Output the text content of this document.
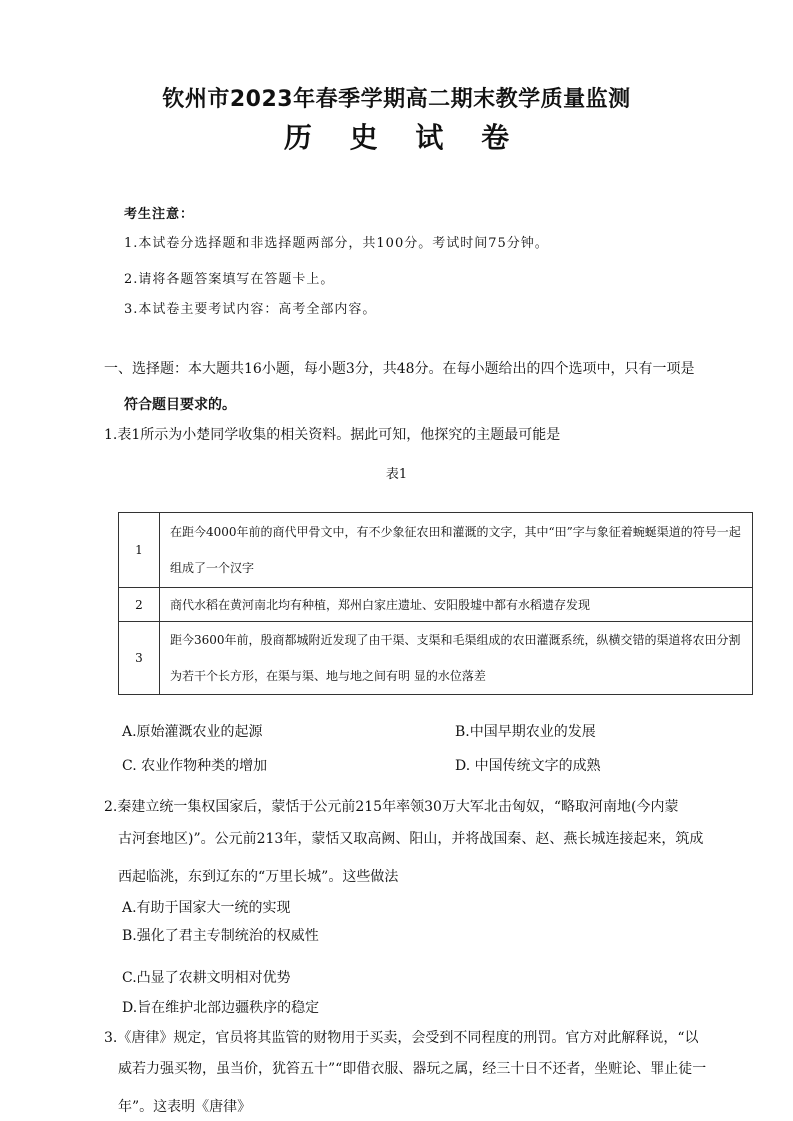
钦州市2023年春季学期高二期末教学质量监测
历 史 试 卷
考生注意：
1.本试卷分选择题和非选择题两部分，共100分。考试时间75分钟。
2.请将各题答案填写在答题卡上。
3.本试卷主要考试内容：高考全部内容。
一、选择题：本大题共16小题，每小题3分，共48分。在每小题给出的四个选项中，只有一项是
符合题目要求的。
1.表1所示为小楚同学收集的相关资料。据此可知，他探究的主题最可能是
表1
1	在距今4000年前的商代甲骨文中，有不少象征农田和灌溉的文字，其中“田”字与象征着蜿蜒渠道的符号一起组成了一个汉字

2	商代水稻在黄河南北均有种植，郑州白家庄遗址、安阳殷墟中都有水稻遗存发现
3	距今3600年前，殷商都城附近发现了由干渠、支渠和毛渠组成的农田灌溉系统，纵横交错的渠道将农田分割为若干个长方形，在渠与渠、地与地之间有明 显的水位落差
A.原始灌溉农业的起源	B.中国早期农业的发展
C. 农业作物种类的增加	D. 中国传统文字的成熟
2.秦建立统一集权国家后，蒙恬于公元前215年率领30万大军北击匈奴，“略取河南地(今内蒙
古河套地区)”。公元前213年，蒙恬又取高阙、阳山，并将战国秦、赵、燕长城连接起来，筑成
西起临洮，东到辽东的“万里长城”。这些做法
A.有助于国家大一统的实现
B.强化了君主专制统治的权威性
C.凸显了农耕文明相对优势
D.旨在维护北部边疆秩序的稳定
3.《唐律》规定，官员将其监管的财物用于买卖，会受到不同程度的刑罚。官方对此解释说，“以
威若力强买物，虽当价，犹笞五十”“即借衣服、器玩之属，经三十日不还者，坐赃论、罪止徒一
年”。这表明《唐律》
